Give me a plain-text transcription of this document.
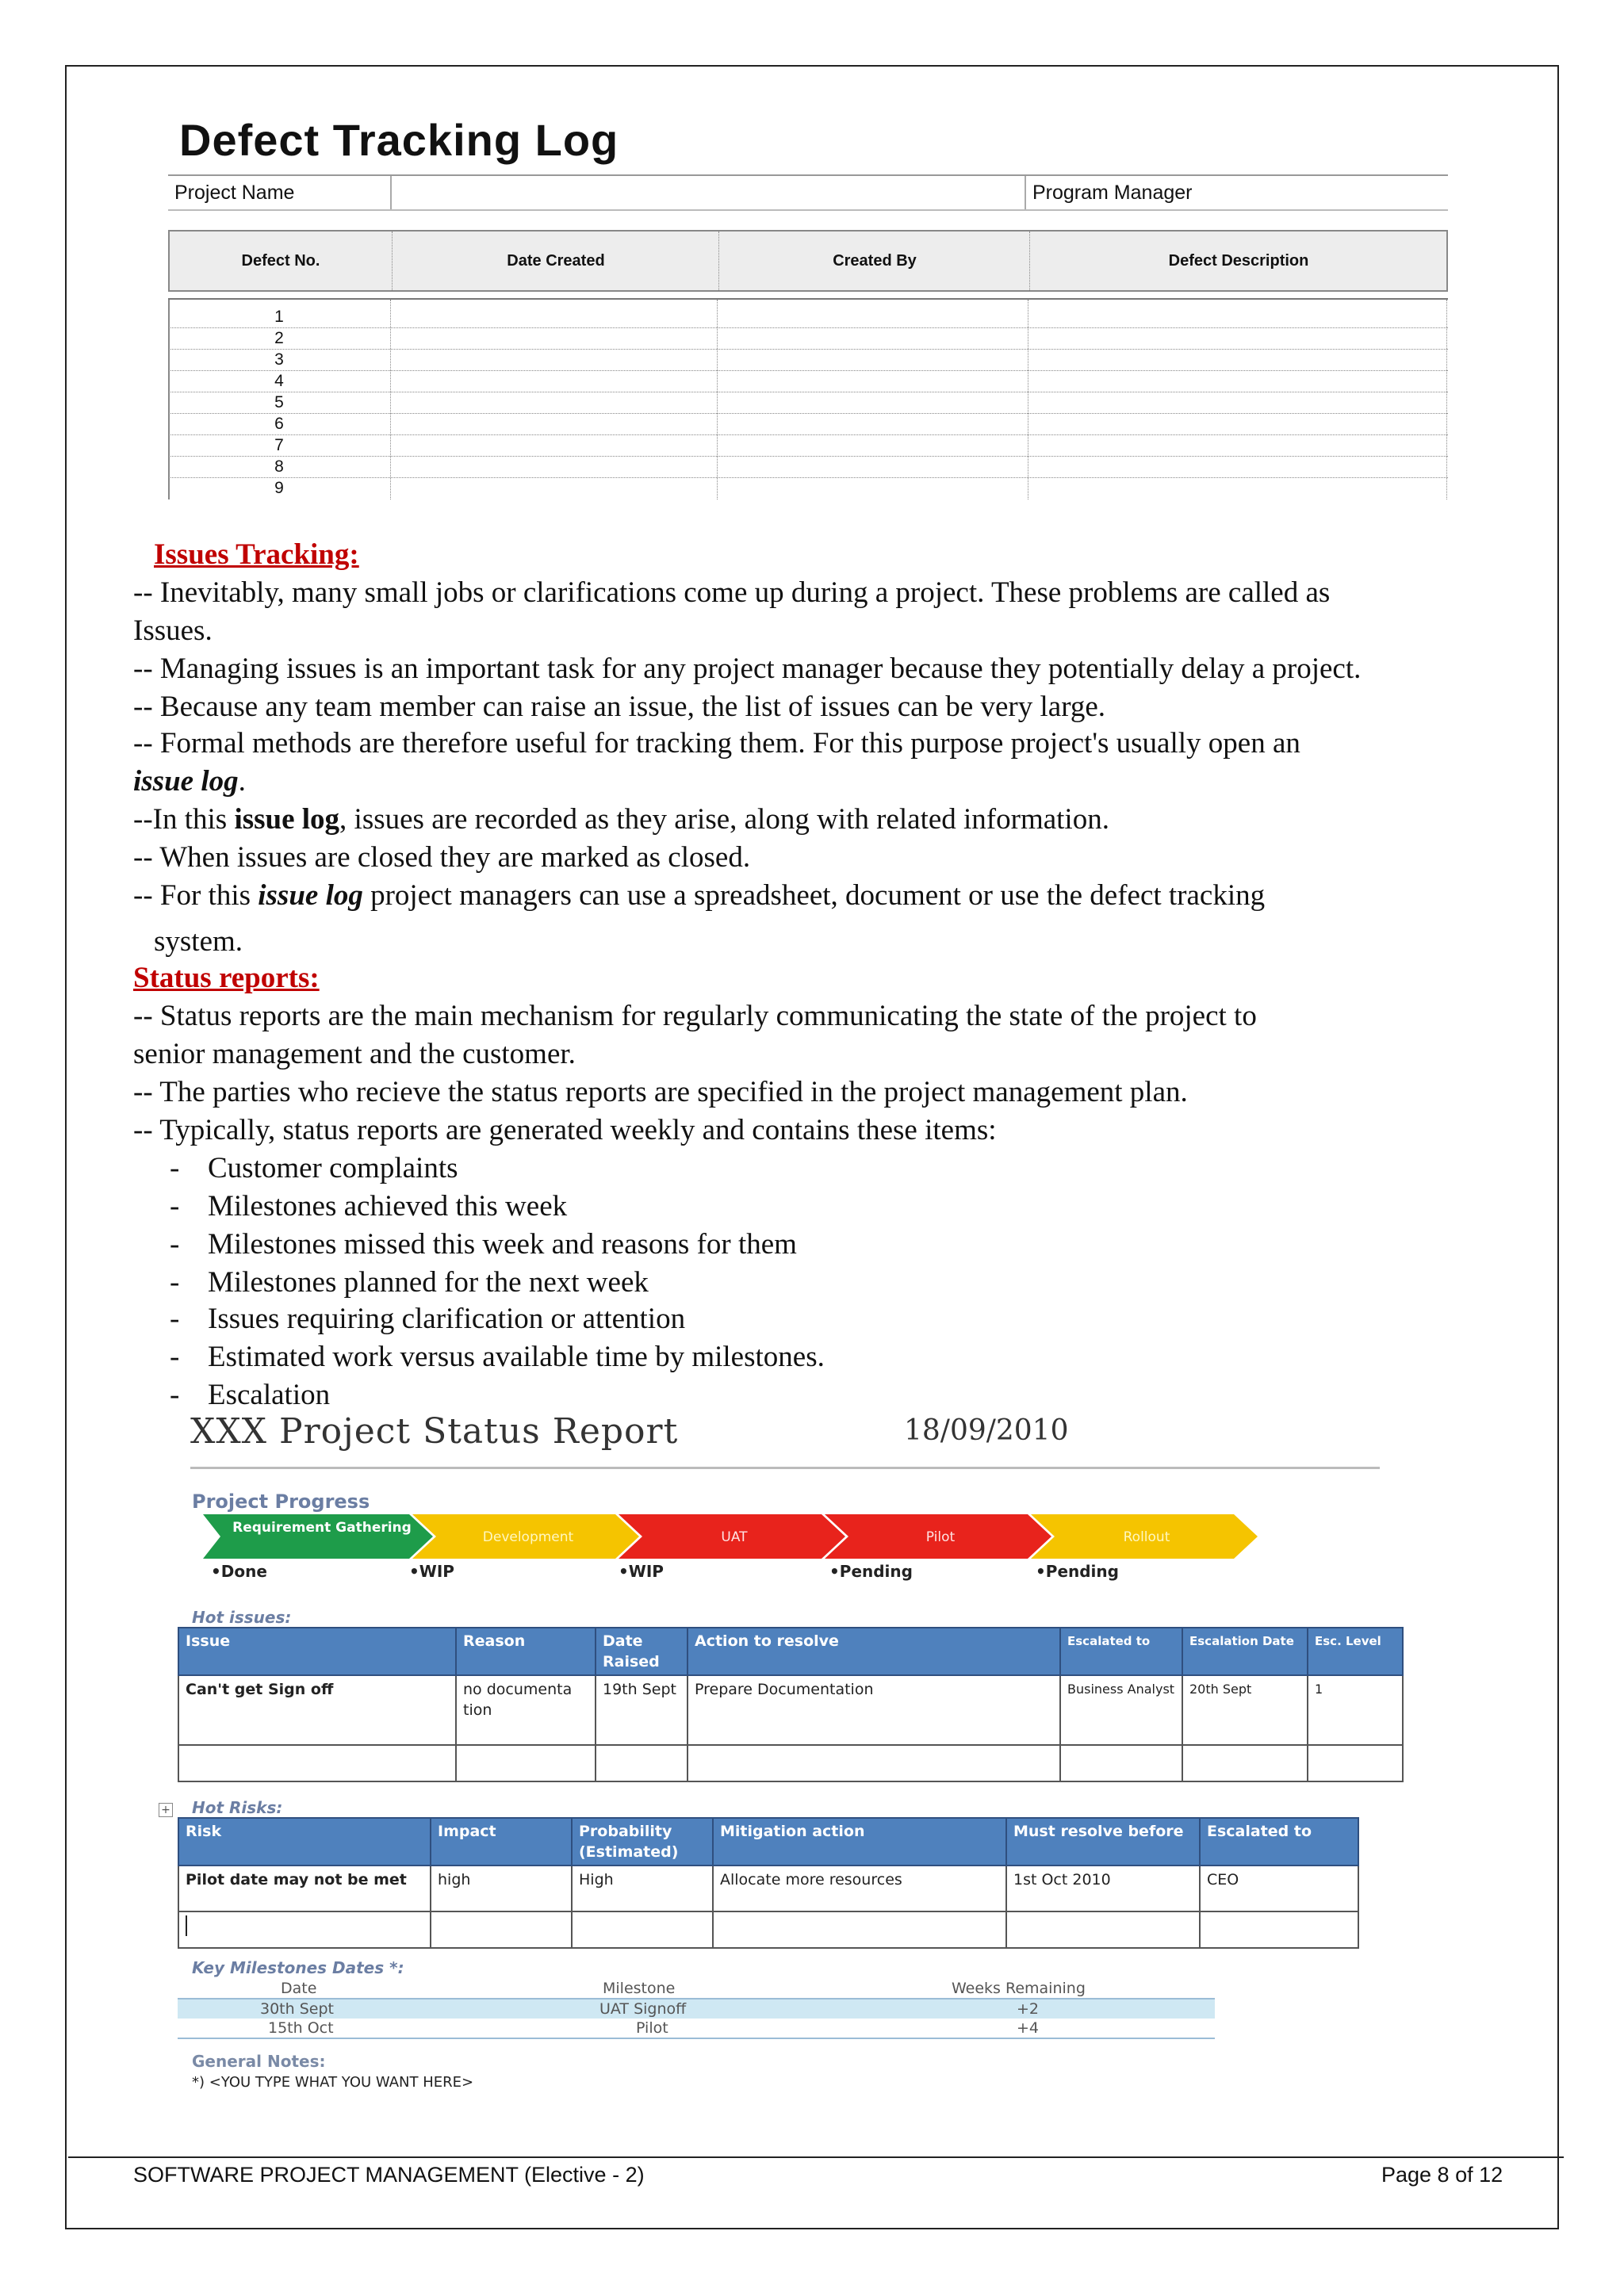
Defect Tracking Log
Project Name	Program Manager
Defect No.	Date Created	Created By	Defect Description
1
2
3
4
5
6
7
8
9
Issues Tracking:
-- Inevitably, many small jobs or clarifications come up during a project. These problems are called as
Issues.
-- Managing issues is an important task for any project manager because they potentially delay a project.
-- Because any team member can raise an issue, the list of issues can be very large.
-- Formal methods are therefore useful for tracking them. For this purpose project's usually open an
issue log.
--In this issue log, issues are recorded as they arise, along with related information.
-- When issues are closed they are marked as closed.
-- For this issue log project managers can use a spreadsheet, document or use the defect tracking
system.
Status reports:
-- Status reports are the main mechanism for regularly communicating the state of the project to
senior management and the customer.
-- The parties who recieve the status reports are specified in the project management plan.
-- Typically, status reports are generated weekly and contains these items:
- Customer complaints
- Milestones achieved this week
- Milestones missed this week and reasons for them
- Milestones planned for the next week
- Issues requiring clarification or attention
- Estimated work versus available time by milestones.
- Escalation
XXX Project Status Report	18/09/2010
Project Progress
Requirement Gathering
Development	UAT	Pilot	Rollout
•Done	•WIP	•WIP	•Pending	•Pending
Hot issues:
Issue	Reason	Date Raised	Action to resolve	Escalated to	Escalation Date	Esc. Level
Can't get Sign off	no documenta tion	19th Sept	Prepare Documentation	Business Analyst	20th Sept	1

+ Hot Risks:
Risk	Impact	Probability (Estimated)	Mitigation action	Must resolve before	Escalated to
Pilot date may not be met	high	High	Allocate more resources	1st Oct 2010	CEO

Key Milestones Dates *:
Date	Milestone	Weeks Remaining
30th Sept	UAT Signoff	+2
15th Oct	Pilot	+4
General Notes:
*) <YOU TYPE WHAT YOU WANT HERE>
SOFTWARE PROJECT MANAGEMENT (Elective - 2)	Page 8 of 12
